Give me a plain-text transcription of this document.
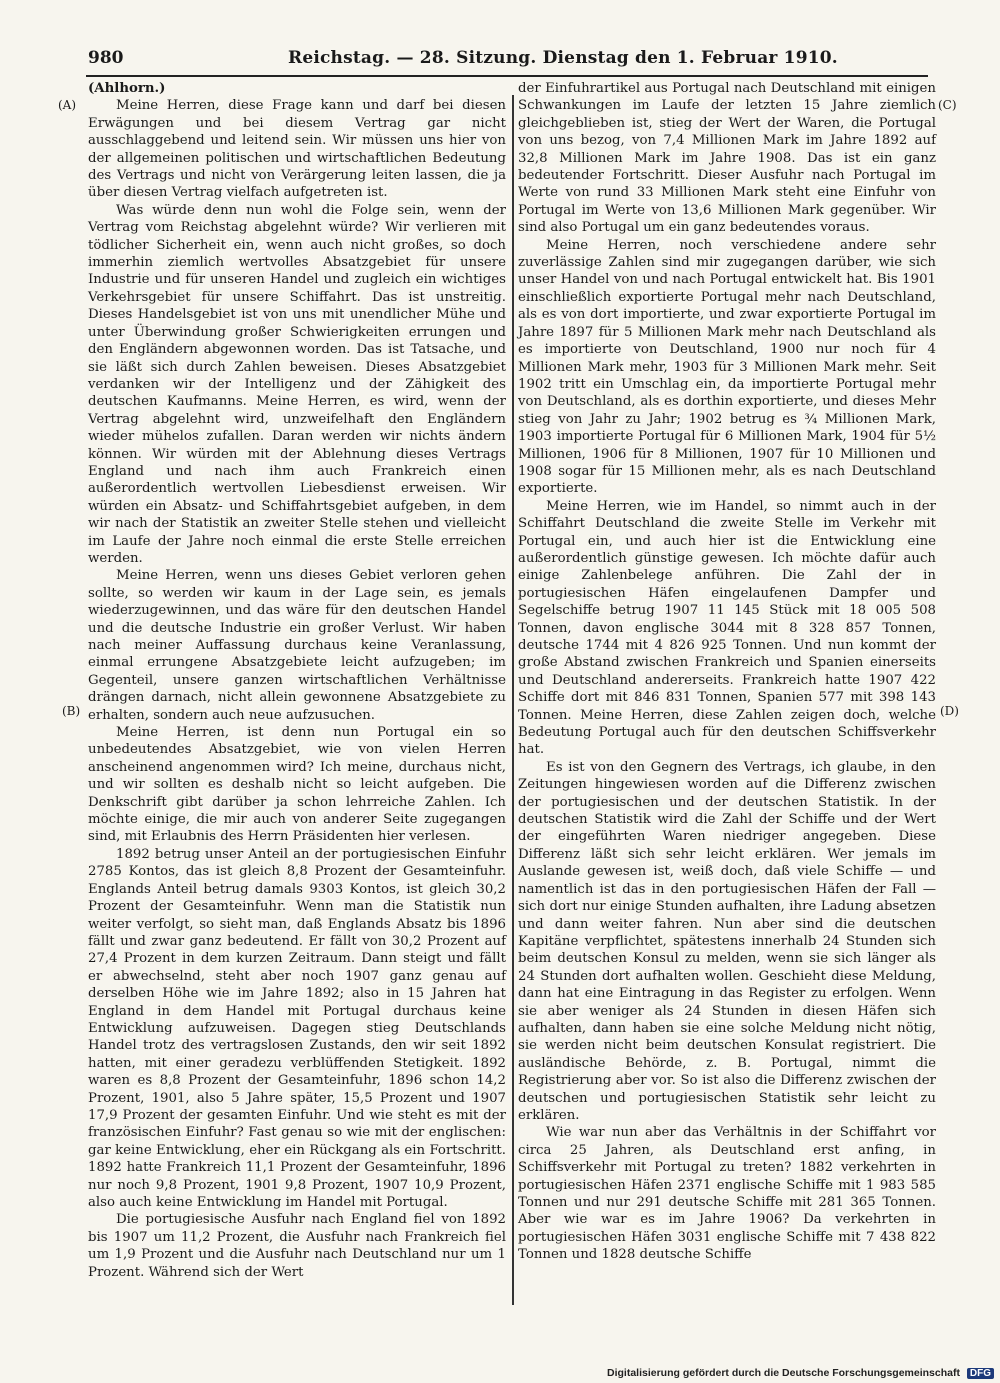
980	Reichstag. — 28. Sitzung. Dienstag den 1. Februar 1910.
(A)
(B)
(C)
(D)

(Ahlhorn.)

Meine Herren, diese Frage kann und darf bei diesen Erwägungen und bei diesem Vertrag gar nicht ausschlaggebend und leitend sein. Wir müssen uns hier von der allgemeinen politischen und wirtschaftlichen Bedeutung des Vertrags und nicht von Verärgerung leiten lassen, die ja über diesen Vertrag vielfach aufgetreten ist.

Was würde denn nun wohl die Folge sein, wenn der Vertrag vom Reichstag abgelehnt würde? Wir verlieren mit tödlicher Sicherheit ein, wenn auch nicht großes, so doch immerhin ziemlich wertvolles Absatzgebiet für unsere Industrie und für unseren Handel und zugleich ein wichtiges Verkehrsgebiet für unsere Schiffahrt. Das ist unstreitig. Dieses Handelsgebiet ist von uns mit unendlicher Mühe und unter Überwindung großer Schwierigkeiten errungen und den Engländern abgewonnen worden. Das ist Tatsache, und sie läßt sich durch Zahlen beweisen. Dieses Absatzgebiet verdanken wir der Intelligenz und der Zähigkeit des deutschen Kaufmanns. Meine Herren, es wird, wenn der Vertrag abgelehnt wird, unzweifelhaft den Engländern wieder mühelos zufallen. Daran werden wir nichts ändern können. Wir würden mit der Ablehnung dieses Vertrags England und nach ihm auch Frankreich einen außerordentlich wertvollen Liebesdienst erweisen. Wir würden ein Absatz- und Schiffahrtsgebiet aufgeben, in dem wir nach der Statistik an zweiter Stelle stehen und vielleicht im Laufe der Jahre noch einmal die erste Stelle erreichen werden.

Meine Herren, wenn uns dieses Gebiet verloren gehen sollte, so werden wir kaum in der Lage sein, es jemals wiederzugewinnen, und das wäre für den deutschen Handel und die deutsche Industrie ein großer Verlust. Wir haben nach meiner Auffassung durchaus keine Veranlassung, einmal errungene Absatzgebiete leicht aufzugeben; im Gegenteil, unsere ganzen wirtschaftlichen Verhältnisse drängen darnach, nicht allein gewonnene Absatzgebiete zu erhalten, sondern auch neue aufzusuchen.

Meine Herren, ist denn nun Portugal ein so unbedeutendes Absatzgebiet, wie von vielen Herren anscheinend angenommen wird? Ich meine, durchaus nicht, und wir sollten es deshalb nicht so leicht aufgeben. Die Denkschrift gibt darüber ja schon lehrreiche Zahlen. Ich möchte einige, die mir auch von anderer Seite zugegangen sind, mit Erlaubnis des Herrn Präsidenten hier verlesen.

1892 betrug unser Anteil an der portugiesischen Einfuhr 2785 Kontos, das ist gleich 8,8 Prozent der Gesamteinfuhr. Englands Anteil betrug damals 9303 Kontos, ist gleich 30,2 Prozent der Gesamteinfuhr. Wenn man die Statistik nun weiter verfolgt, so sieht man, daß Englands Absatz bis 1896 fällt und zwar ganz bedeutend. Er fällt von 30,2 Prozent auf 27,4 Prozent in dem kurzen Zeitraum. Dann steigt und fällt er abwechselnd, steht aber noch 1907 ganz genau auf derselben Höhe wie im Jahre 1892; also in 15 Jahren hat England in dem Handel mit Portugal durchaus keine Entwicklung aufzuweisen. Dagegen stieg Deutschlands Handel trotz des vertragslosen Zustands, den wir seit 1892 hatten, mit einer geradezu verblüffenden Stetigkeit. 1892 waren es 8,8 Prozent der Gesamteinfuhr, 1896 schon 14,2 Prozent, 1901, also 5 Jahre später, 15,5 Prozent und 1907 17,9 Prozent der gesamten Einfuhr. Und wie steht es mit der französischen Einfuhr? Fast genau so wie mit der englischen: gar keine Entwicklung, eher ein Rückgang als ein Fortschritt. 1892 hatte Frankreich 11,1 Prozent der Gesamteinfuhr, 1896 nur noch 9,8 Prozent, 1901 9,8 Prozent, 1907 10,9 Prozent, also auch keine Entwicklung im Handel mit Portugal.

Die portugiesische Ausfuhr nach England fiel von 1892 bis 1907 um 11,2 Prozent, die Ausfuhr nach Frankreich fiel um 1,9 Prozent und die Ausfuhr nach Deutschland nur um 1 Prozent. Während sich der Wert

der Einfuhrartikel aus Portugal nach Deutschland mit einigen Schwankungen im Laufe der letzten 15 Jahre ziemlich gleichgeblieben ist, stieg der Wert der Waren, die Portugal von uns bezog, von 7,4 Millionen Mark im Jahre 1892 auf 32,8 Millionen Mark im Jahre 1908. Das ist ein ganz bedeutender Fortschritt. Dieser Ausfuhr nach Portugal im Werte von rund 33 Millionen Mark steht eine Einfuhr von Portugal im Werte von 13,6 Millionen Mark gegenüber. Wir sind also Portugal um ein ganz bedeutendes voraus.

Meine Herren, noch verschiedene andere sehr zuverlässige Zahlen sind mir zugegangen darüber, wie sich unser Handel von und nach Portugal entwickelt hat. Bis 1901 einschließlich exportierte Portugal mehr nach Deutschland, als es von dort importierte, und zwar exportierte Portugal im Jahre 1897 für 5 Millionen Mark mehr nach Deutschland als es importierte von Deutschland, 1900 nur noch für 4 Millionen Mark mehr, 1903 für 3 Millionen Mark mehr. Seit 1902 tritt ein Umschlag ein, da importierte Portugal mehr von Deutschland, als es dorthin exportierte, und dieses Mehr stieg von Jahr zu Jahr; 1902 betrug es ¾ Millionen Mark, 1903 importierte Portugal für 6 Millionen Mark, 1904 für 5½ Millionen, 1906 für 8 Millionen, 1907 für 10 Millionen und 1908 sogar für 15 Millionen mehr, als es nach Deutschland exportierte.

Meine Herren, wie im Handel, so nimmt auch in der Schiffahrt Deutschland die zweite Stelle im Verkehr mit Portugal ein, und auch hier ist die Entwicklung eine außerordentlich günstige gewesen. Ich möchte dafür auch einige Zahlenbelege anführen. Die Zahl der in portugiesischen Häfen eingelaufenen Dampfer und Segelschiffe betrug 1907 11 145 Stück mit 18 005 508 Tonnen, davon englische 3044 mit 8 328 857 Tonnen, deutsche 1744 mit 4 826 925 Tonnen. Und nun kommt der große Abstand zwischen Frankreich und Spanien einerseits und Deutschland andererseits. Frankreich hatte 1907 422 Schiffe dort mit 846 831 Tonnen, Spanien 577 mit 398 143 Tonnen. Meine Herren, diese Zahlen zeigen doch, welche Bedeutung Portugal auch für den deutschen Schiffsverkehr hat.

Es ist von den Gegnern des Vertrags, ich glaube, in den Zeitungen hingewiesen worden auf die Differenz zwischen der portugiesischen und der deutschen Statistik. In der deutschen Statistik wird die Zahl der Schiffe und der Wert der eingeführten Waren niedriger angegeben. Diese Differenz läßt sich sehr leicht erklären. Wer jemals im Auslande gewesen ist, weiß doch, daß viele Schiffe — und namentlich ist das in den portugiesischen Häfen der Fall — sich dort nur einige Stunden aufhalten, ihre Ladung absetzen und dann weiter fahren. Nun aber sind die deutschen Kapitäne verpflichtet, spätestens innerhalb 24 Stunden sich beim deutschen Konsul zu melden, wenn sie sich länger als 24 Stunden dort aufhalten wollen. Geschieht diese Meldung, dann hat eine Eintragung in das Register zu erfolgen. Wenn sie aber weniger als 24 Stunden in diesen Häfen sich aufhalten, dann haben sie eine solche Meldung nicht nötig, sie werden nicht beim deutschen Konsulat registriert. Die ausländische Behörde, z. B. Portugal, nimmt die Registrierung aber vor. So ist also die Differenz zwischen der deutschen und portugiesischen Statistik sehr leicht zu erklären.

Wie war nun aber das Verhältnis in der Schiffahrt vor circa 25 Jahren, als Deutschland erst anfing, in Schiffsverkehr mit Portugal zu treten? 1882 verkehrten in portugiesischen Häfen 2371 englische Schiffe mit 1 983 585 Tonnen und nur 291 deutsche Schiffe mit 281 365 Tonnen. Aber wie war es im Jahre 1906? Da verkehrten in portugiesischen Häfen 3031 englische Schiffe mit 7 438 822 Tonnen und 1828 deutsche Schiffe

Digitalisierung gefördert durch die Deutsche Forschungsgemeinschaft DFG
